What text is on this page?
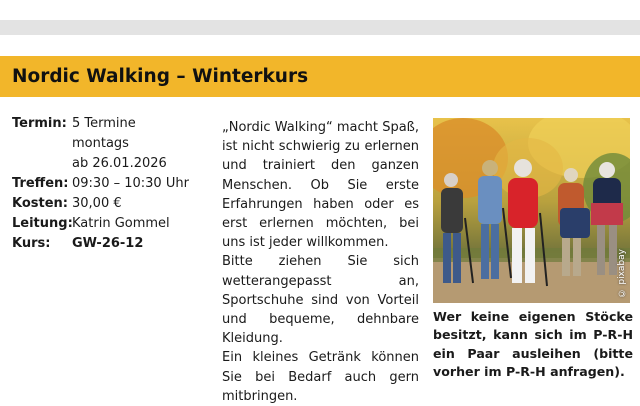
Nordic Walking – Winterkurs
Termin: 5 Termine
montags
ab 26.01.2026
Treffen: 09:30 – 10:30 Uhr
Kosten: 30,00 €
Leitung: Katrin Gommel
Kurs:	GW-26-12

„Nordic Walking“ macht Spaß, ist nicht schwierig zu erlernen und trainiert den ganzen Menschen. Ob Sie erste Erfahrungen haben oder es erst erlernen möchten, bei uns ist jeder willkommen.

Bitte ziehen Sie sich wetterangepasst an, Sportschuhe sind von Vorteil und bequeme, dehnbare Kleidung.

Ein kleines Getränk können Sie bei Bedarf auch gern mitbringen.

© pixabay
Wer keine eigenen Stöcke besitzt, kann sich im P-R-H ein Paar ausleihen (bitte vorher im P-R-H anfragen).
